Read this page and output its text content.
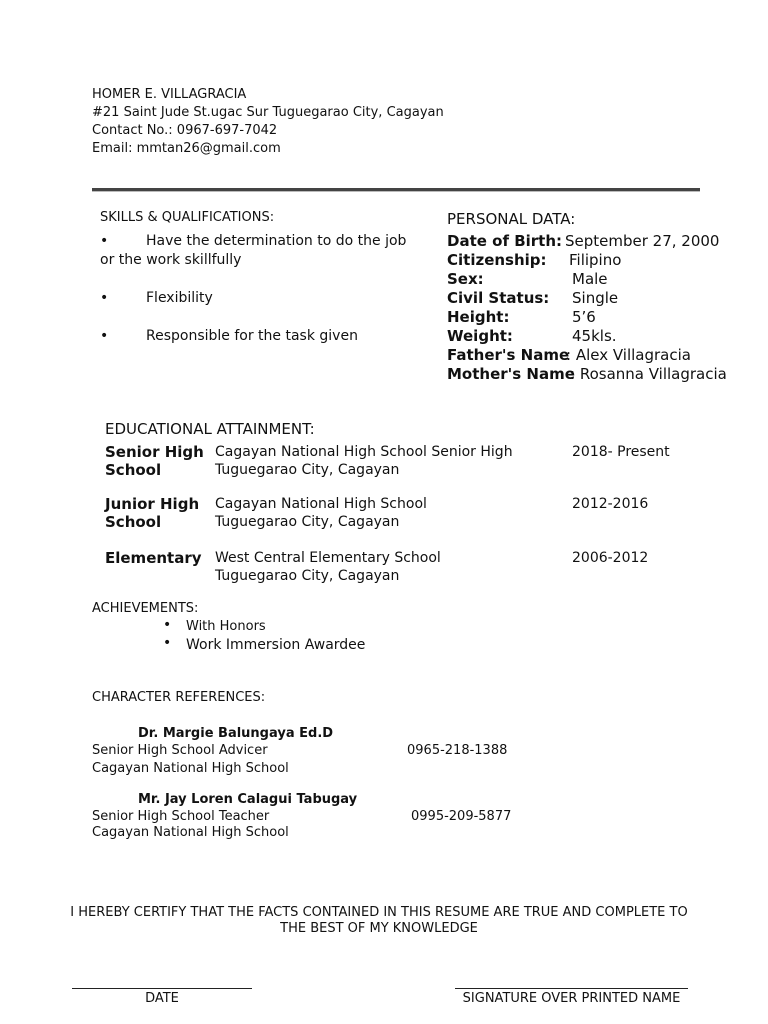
HOMER E. VILLAGRACIA
#21 Saint Jude St.ugac Sur Tuguegarao City, Cagayan
Contact No.: 0967-697-7042
Email: mmtan26@gmail.com
SKILLS & QUALIFICATIONS:
•	Have the determination to do the job
or the work skillfully
•	Flexibility
•	Responsible for the task given
PERSONAL DATA:
Date of Birth: September 27, 2000
Citizenship: Filipino
Sex:	Male
Civil Status: Single
Height:	5’6
Weight:	45kls.
Father's Name
: Alex Villagracia
Mother's Name
: Rosanna Villagracia
EDUCATIONAL ATTAINMENT:
Senior High
School
Cagayan National High School Senior High
Tuguegarao City, Cagayan
2018- Present
Junior High
School
Cagayan National High School
Tuguegarao City, Cagayan
2012-2016
Elementary West Central Elementary School
Tuguegarao City, Cagayan
2006-2012
ACHIEVEMENTS:
• With Honors
• Work Immersion Awardee
CHARACTER REFERENCES:
Dr. Margie Balungaya Ed.D
Senior High School Advicer
Cagayan National High School
0965-218-1388
Mr. Jay Loren Calagui Tabugay
Senior High School Teacher
Cagayan National High School
0995-209-5877
I HEREBY CERTIFY THAT THE FACTS CONTAINED IN THIS RESUME ARE TRUE AND COMPLETE TO
THE BEST OF MY KNOWLEDGE
DATE	SIGNATURE OVER PRINTED NAME
